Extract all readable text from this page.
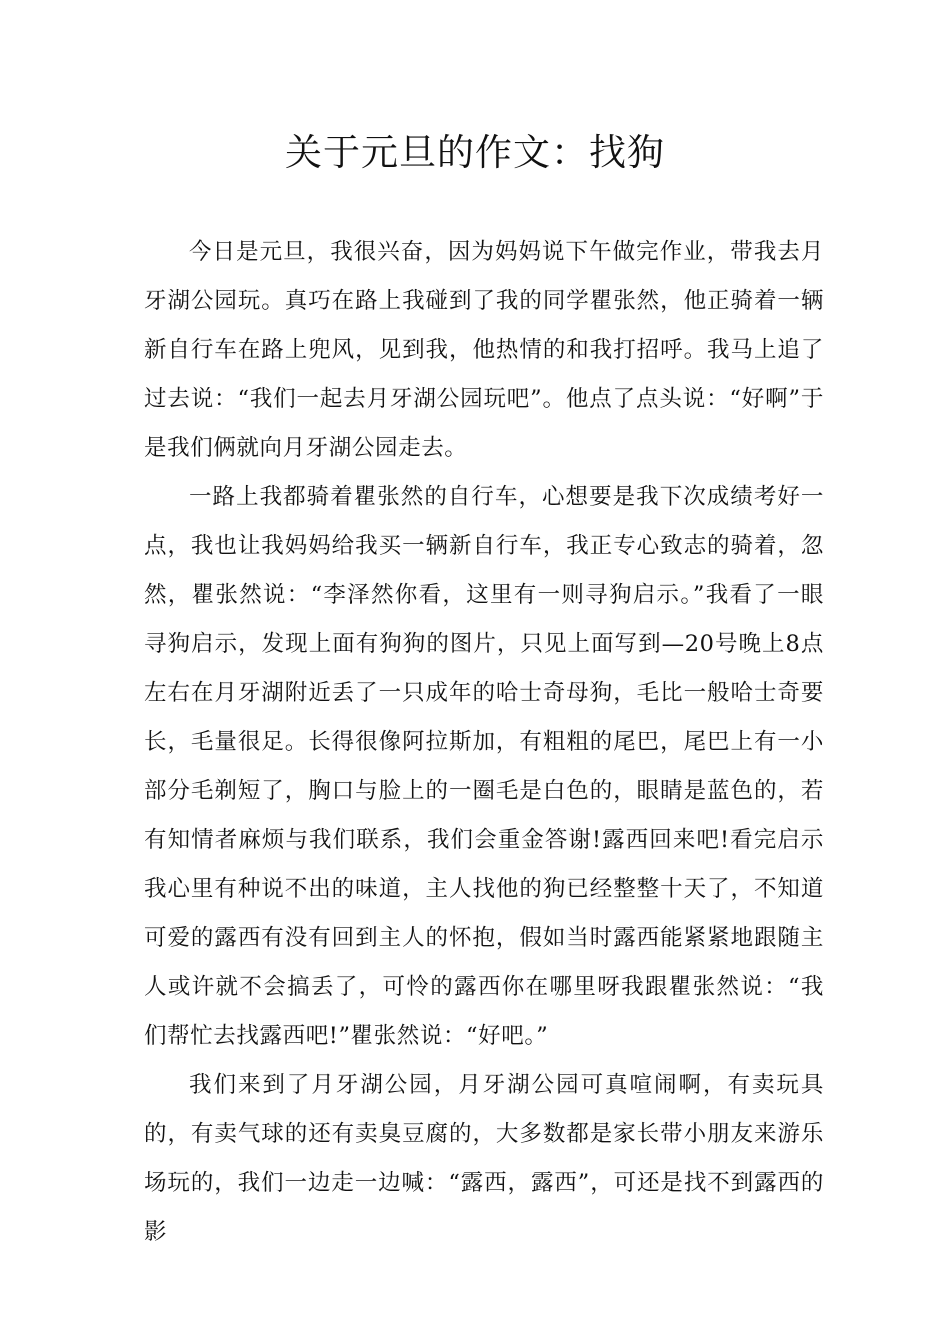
关于元旦的作文：找狗

今日是元旦，我很兴奋，因为妈妈说下午做完作业，带我去月牙湖公园玩。真巧在路上我碰到了我的同学瞿张然，他正骑着一辆新自行车在路上兜风，见到我，他热情的和我打招呼。我马上追了过去说：“我们一起去月牙湖公园玩吧”。他点了点头说：“好啊”于是我们俩就向月牙湖公园走去。

一路上我都骑着瞿张然的自行车，心想要是我下次成绩考好一点，我也让我妈妈给我买一辆新自行车，我正专心致志的骑着，忽然，瞿张然说：“李泽然你看，这里有一则寻狗启示。”我看了一眼寻狗启示，发现上面有狗狗的图片，只见上面写到—20号晚上8点左右在月牙湖附近丢了一只成年的哈士奇母狗，毛比一般哈士奇要长，毛量很足。长得很像阿拉斯加，有粗粗的尾巴，尾巴上有一小部分毛剃短了，胸口与脸上的一圈毛是白色的，眼睛是蓝色的，若有知情者麻烦与我们联系，我们会重金答谢!露西回来吧!看完启示我心里有种说不出的味道，主人找他的狗已经整整十天了，不知道可爱的露西有没有回到主人的怀抱，假如当时露西能紧紧地跟随主人或许就不会搞丢了，可怜的露西你在哪里呀我跟瞿张然说：“我们帮忙去找露西吧!”瞿张然说：“好吧。”

我们来到了月牙湖公园，月牙湖公园可真喧闹啊，有卖玩具的，有卖气球的还有卖臭豆腐的，大多数都是家长带小朋友来游乐场玩的，我们一边走一边喊：“露西，露西”，可还是找不到露西的影
